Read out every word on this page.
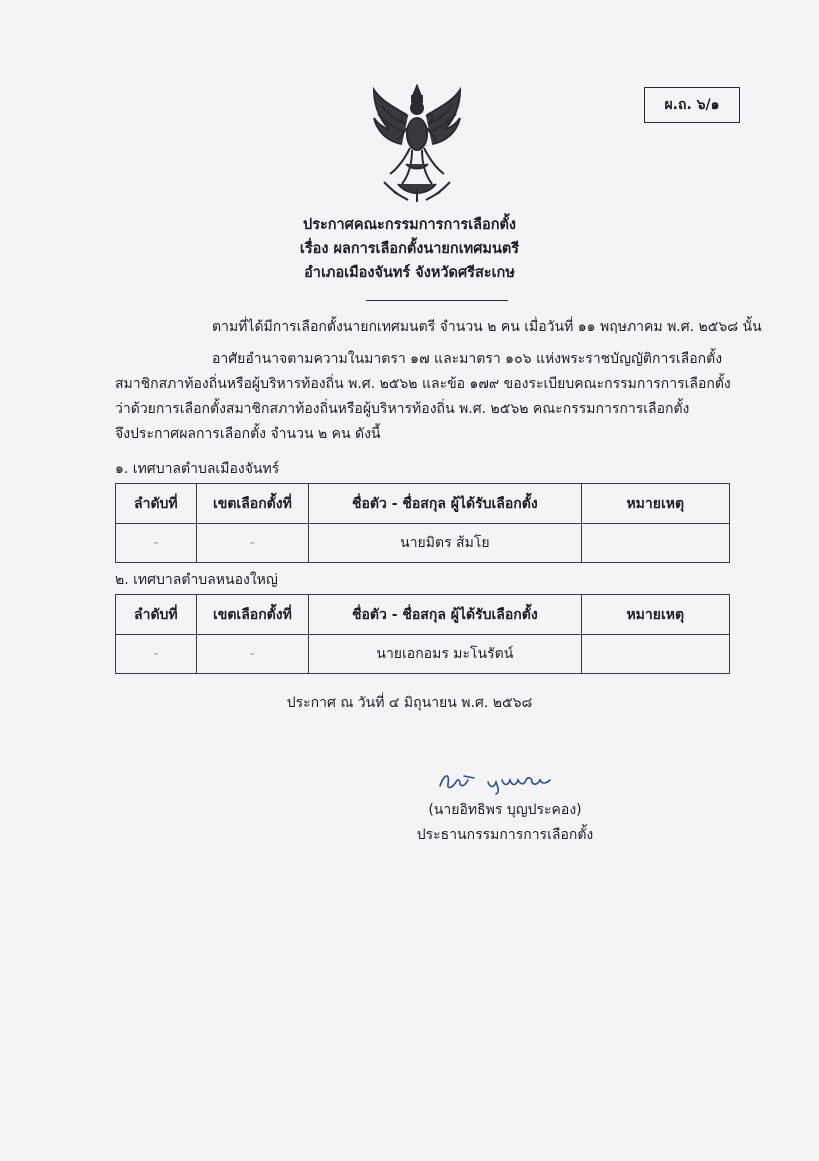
ผ.ถ. ๖/๑
ประกาศคณะกรรมการการเลือกตั้ง
เรื่อง ผลการเลือกตั้งนายกเทศมนตรี
อำเภอเมืองจันทร์ จังหวัดศรีสะเกษ
ตามที่ได้มีการเลือกตั้งนายกเทศมนตรี จำนวน ๒ คน เมื่อวันที่ ๑๑ พฤษภาคม พ.ศ. ๒๕๖๘ นั้น
อาศัยอำนาจตามความในมาตรา ๑๗ และมาตรา ๑๐๖ แห่งพระราชบัญญัติการเลือกตั้ง
สมาชิกสภาท้องถิ่นหรือผู้บริหารท้องถิ่น พ.ศ. ๒๕๖๒ และข้อ ๑๗๙ ของระเบียบคณะกรรมการการเลือกตั้ง
ว่าด้วยการเลือกตั้งสมาชิกสภาท้องถิ่นหรือผู้บริหารท้องถิ่น พ.ศ. ๒๕๖๒ คณะกรรมการการเลือกตั้ง
จึงประกาศผลการเลือกตั้ง จำนวน ๒ คน ดังนี้
๑. เทศบาลตำบลเมืองจันทร์
ลำดับที่	เขตเลือกตั้งที่	ชื่อตัว - ชื่อสกุล ผู้ได้รับเลือกตั้ง	หมายเหตุ
-	-	นายมิตร ส้มโย	
๒. เทศบาลตำบลหนองใหญ่
ลำดับที่	เขตเลือกตั้งที่	ชื่อตัว - ชื่อสกุล ผู้ได้รับเลือกตั้ง	หมายเหตุ
-	-	นายเอกอมร มะโนรัตน์	
ประกาศ ณ วันที่ ๔ มิถุนายน พ.ศ. ๒๕๖๘
(นายอิทธิพร บุญประคอง)
ประธานกรรมการการเลือกตั้ง
